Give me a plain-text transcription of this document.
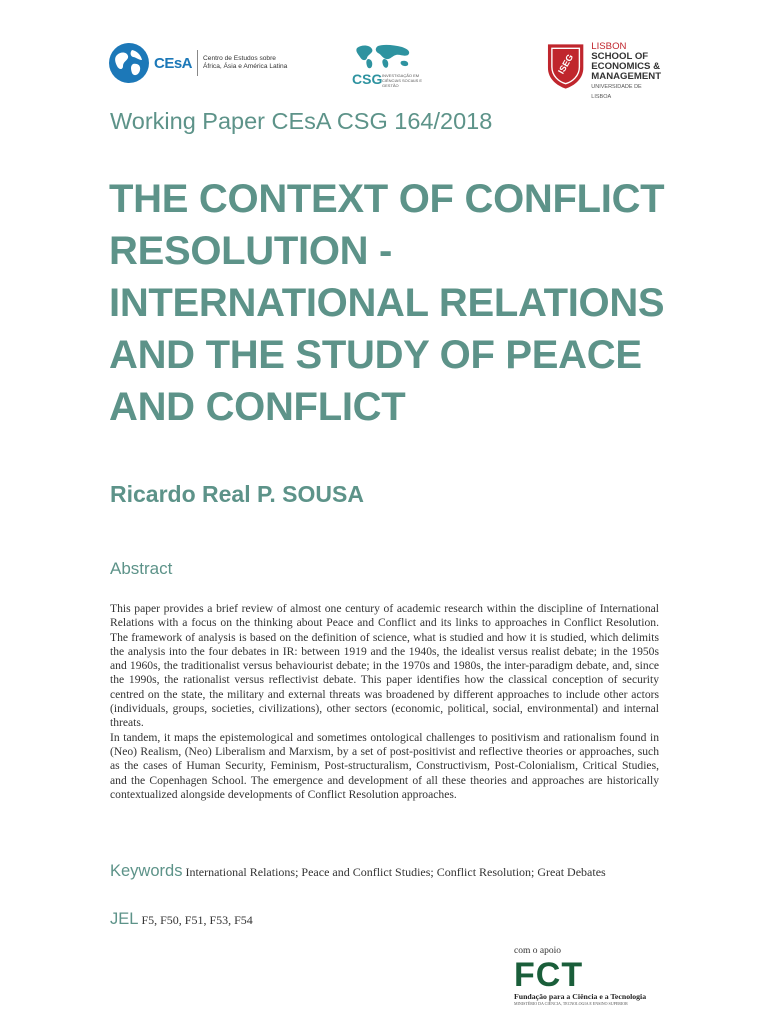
CEsA Centro de Estudos sobre África, Ásia e América Latina
CSG INVESTIGAÇÃO EM CIÊNCIAS SOCIAIS E GESTÃO
ISEG
LISBON
SCHOOL OF
ECONOMICS &
MANAGEMENT
UNIVERSIDADE DE LISBOA
Working Paper CEsA CSG 164/2018
THE CONTEXT OF CONFLICT RESOLUTION - INTERNATIONAL RELATIONS AND THE STUDY OF PEACE AND CONFLICT
Ricardo Real P. SOUSA
Abstract

This paper provides a brief review of almost one century of academic research within the discipline of International Relations with a focus on the thinking about Peace and Conflict and its links to approaches in Conflict Resolution. The framework of analysis is based on the definition of science, what is studied and how it is studied, which delimits the analysis into the four debates in IR: between 1919 and the 1940s, the idealist versus realist debate; in the 1950s and 1960s, the traditionalist versus behaviourist debate; in the 1970s and 1980s, the inter-paradigm debate, and, since the 1990s, the rationalist versus reflectivist debate. This paper identifies how the classical conception of security centred on the state, the military and external threats was broadened by different approaches to include other actors (individuals, groups, societies, civilizations), other sectors (economic, political, social, environmental) and internal threats.

In tandem, it maps the epistemological and sometimes ontological challenges to positivism and rationalism found in (Neo) Realism, (Neo) Liberalism and Marxism, by a set of post-positivist and reflective theories or approaches, such as the cases of Human Security, Feminism, Post-structuralism, Constructivism, Post-Colonialism, Critical Studies, and the Copenhagen School. The emergence and development of all these theories and approaches are historically contextualized alongside developments of Conflict Resolution approaches.

Keywords International Relations; Peace and Conflict Studies; Conflict Resolution; Great Debates
JEL F5, F50, F51, F53, F54
com o apoio
FCT
Fundação para a Ciência e a Tecnologia
MINISTÉRIO DA CIÊNCIA, TECNOLOGIA E ENSINO SUPERIOR
